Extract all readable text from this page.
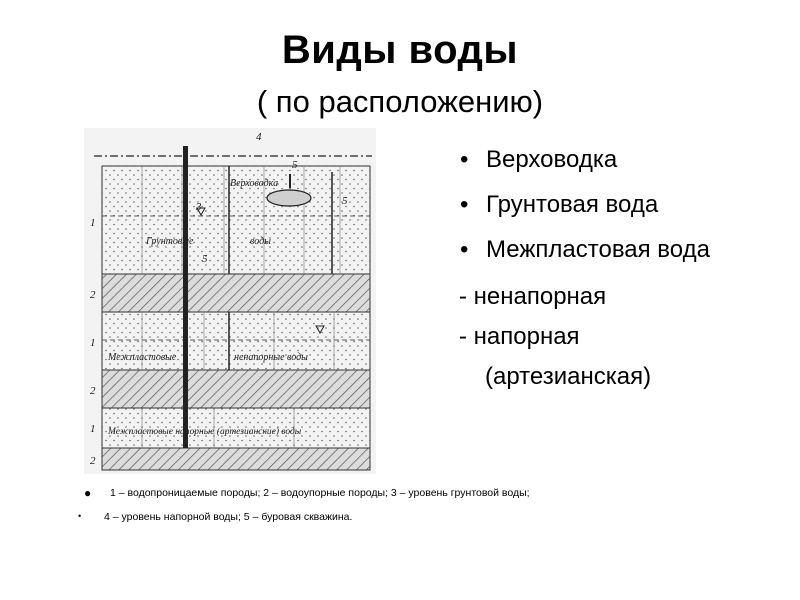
Виды воды
( по расположению)
Верховодка
Грунтовые	воды
Межпластовые	ненапорные воды
Межпластовые напорные (артезианские) воды
4
5
5
5
3
1
2
1
2
1
2
• Верховодка
• Грунтовая вода
• Межпластовая вода
- ненапорная
- напорная
(артезианская)
● 1 – водопроницаемые породы; 2 – водоупорные породы; 3 – уровень грунтовой воды;
• 4 – уровень напорной воды; 5 – буровая скважина.
